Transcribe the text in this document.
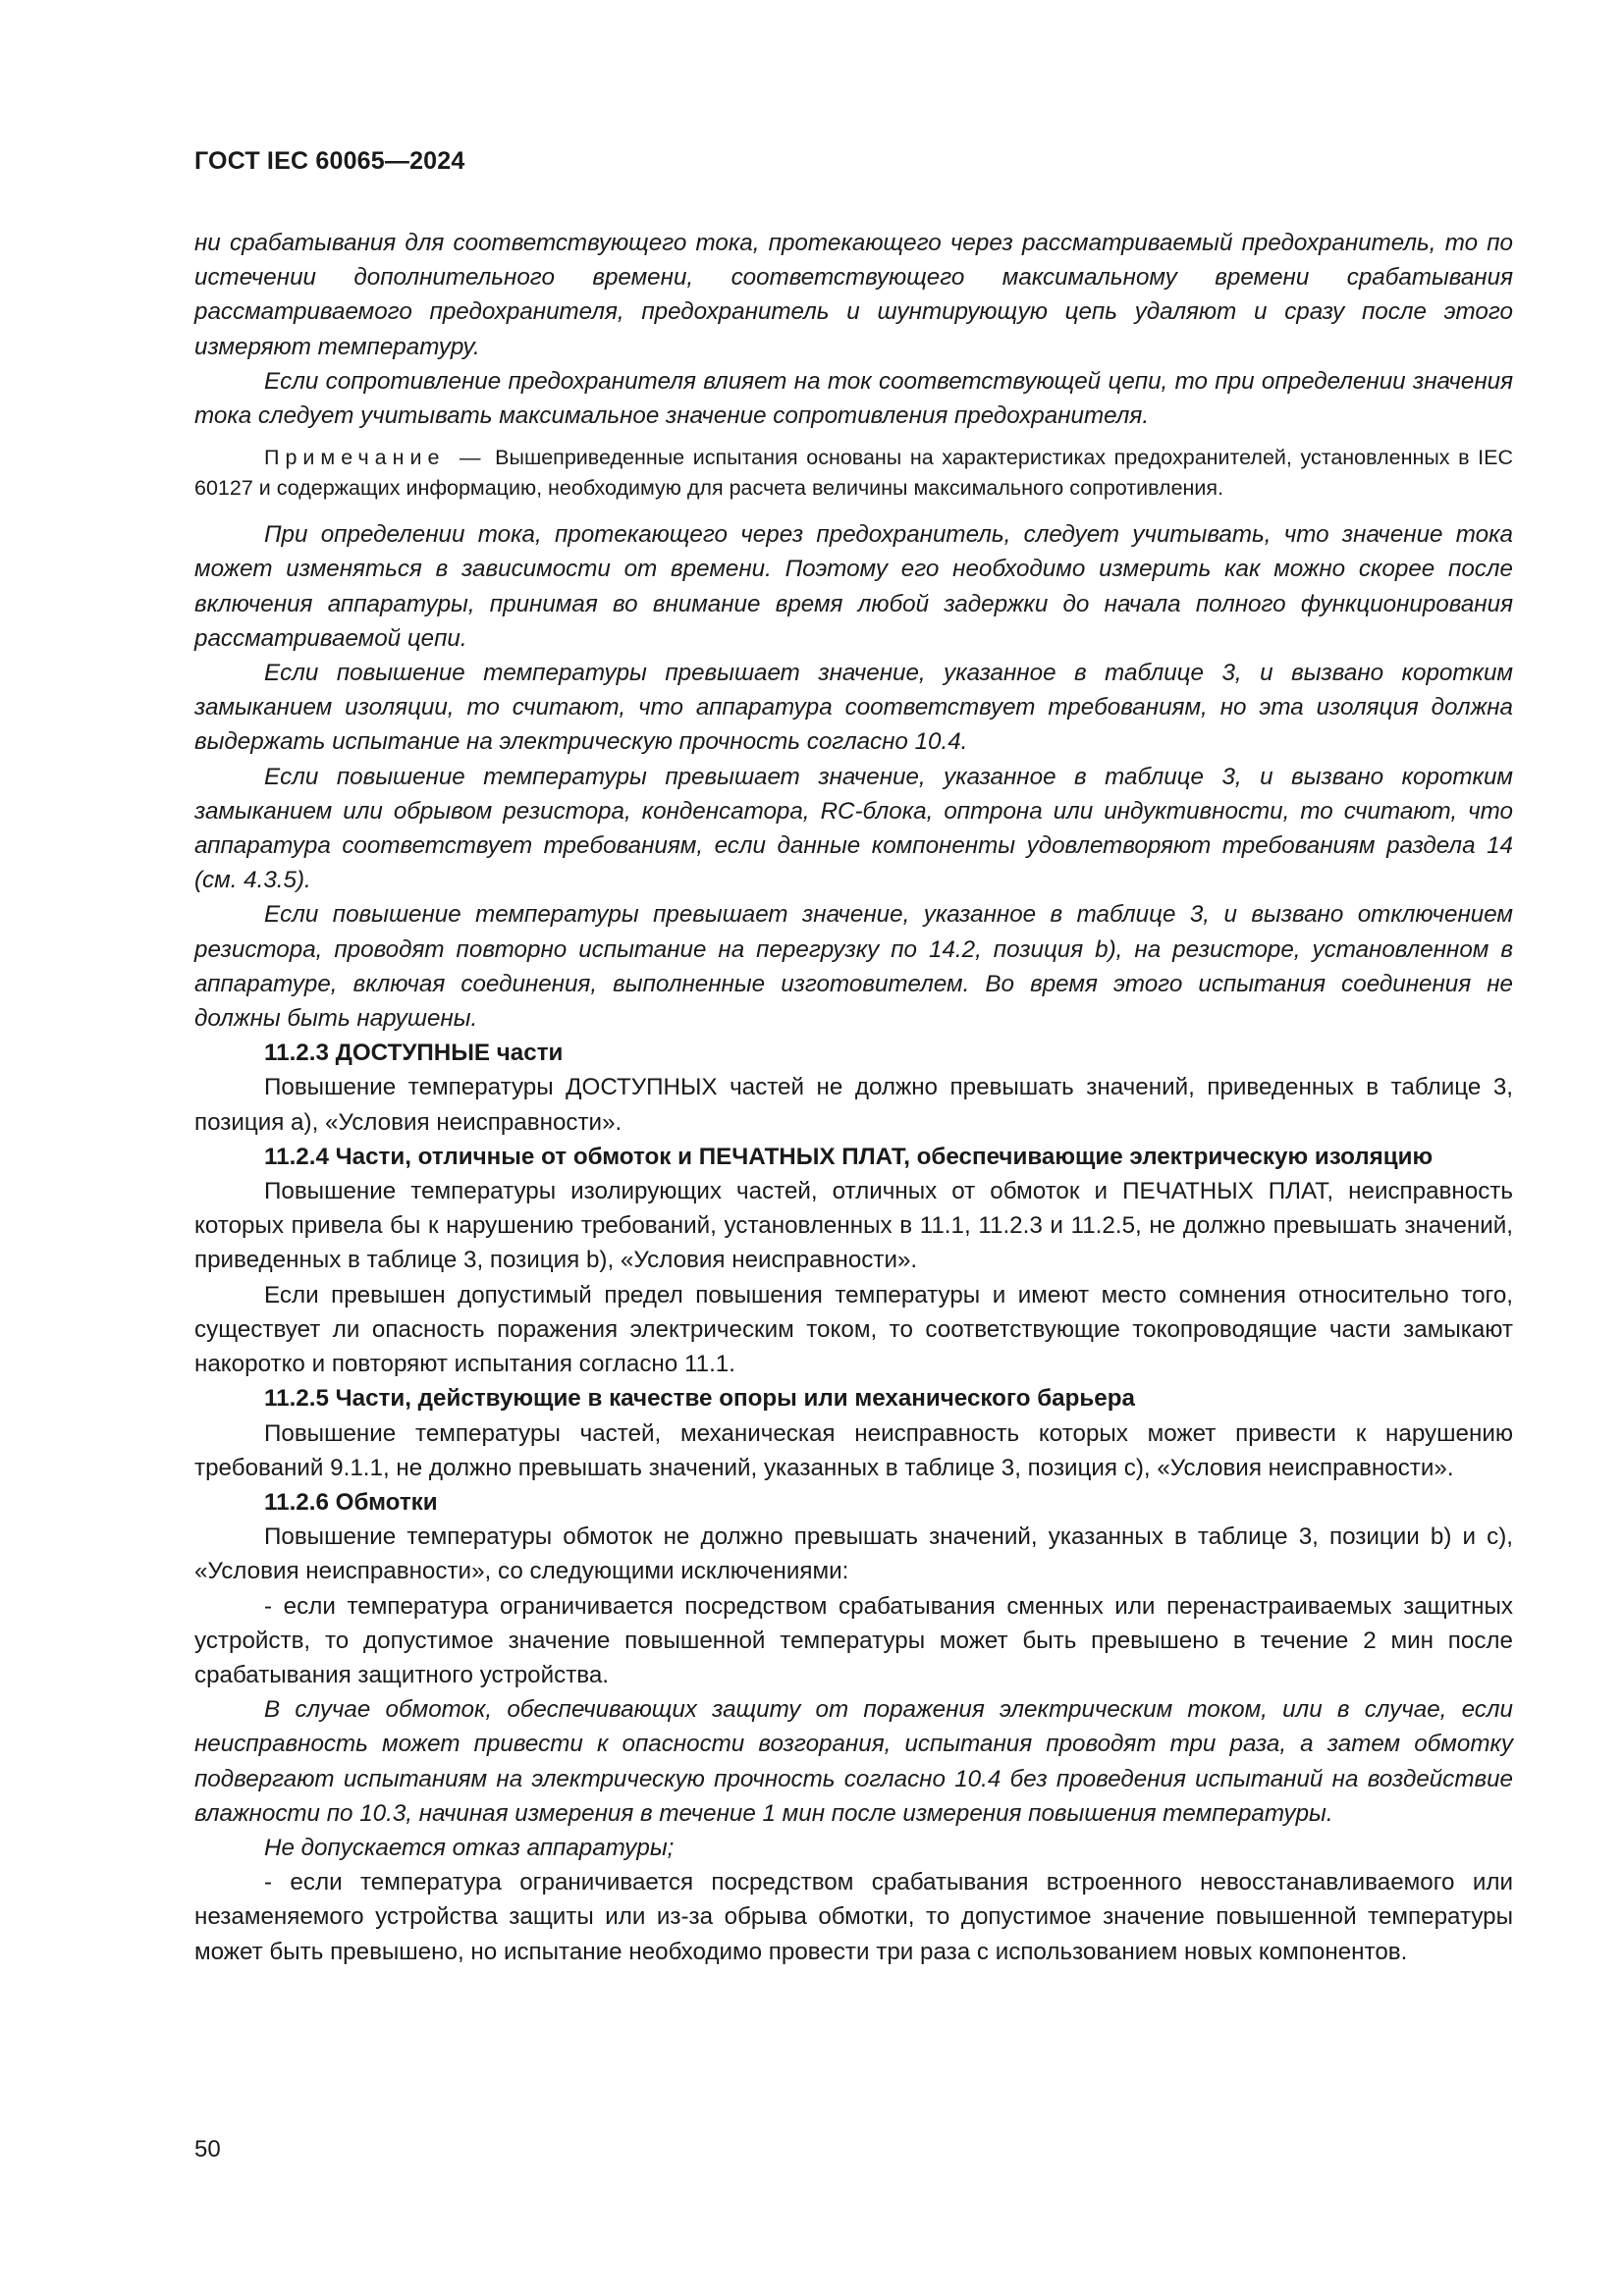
ГОСТ IEC 60065—2024

ни срабатывания для соответствующего тока, протекающего через рассматриваемый предохранитель, то по истечении дополнительного времени, соответствующего максимальному времени срабатывания рассматриваемого предохранителя, предохранитель и шунтирующую цепь удаляют и сразу после этого измеряют температуру.

Если сопротивление предохранителя влияет на ток соответствующей цепи, то при определении значения тока следует учитывать максимальное значение сопротивления предохранителя.

Примечание — Вышеприведенные испытания основаны на характеристиках предохранителей, установленных в IEC 60127 и содержащих информацию, необходимую для расчета величины максимального сопротивления.

При определении тока, протекающего через предохранитель, следует учитывать, что значение тока может изменяться в зависимости от времени. Поэтому его необходимо измерить как можно скорее после включения аппаратуры, принимая во внимание время любой задержки до начала полного функционирования рассматриваемой цепи.

Если повышение температуры превышает значение, указанное в таблице 3, и вызвано коротким замыканием изоляции, то считают, что аппаратура соответствует требованиям, но эта изоляция должна выдержать испытание на электрическую прочность согласно 10.4.

Если повышение температуры превышает значение, указанное в таблице 3, и вызвано коротким замыканием или обрывом резистора, конденсатора, RC-блока, оптрона или индуктивности, то считают, что аппаратура соответствует требованиям, если данные компоненты удовлетворяют требованиям раздела 14 (см. 4.3.5).

Если повышение температуры превышает значение, указанное в таблице 3, и вызвано отключением резистора, проводят повторно испытание на перегрузку по 14.2, позиция b), на резисторе, установленном в аппаратуре, включая соединения, выполненные изготовителем. Во время этого испытания соединения не должны быть нарушены.

11.2.3 ДОСТУПНЫЕ части

Повышение температуры ДОСТУПНЫХ частей не должно превышать значений, приведенных в таблице 3, позиция а), «Условия неисправности».

11.2.4 Части, отличные от обмоток и ПЕЧАТНЫХ ПЛАТ, обеспечивающие электрическую изоляцию

Повышение температуры изолирующих частей, отличных от обмоток и ПЕЧАТНЫХ ПЛАТ, неисправность которых привела бы к нарушению требований, установленных в 11.1, 11.2.3 и 11.2.5, не должно превышать значений, приведенных в таблице 3, позиция b), «Условия неисправности».

Если превышен допустимый предел повышения температуры и имеют место сомнения относительно того, существует ли опасность поражения электрическим током, то соответствующие токопроводящие части замыкают накоротко и повторяют испытания согласно 11.1.

11.2.5 Части, действующие в качестве опоры или механического барьера

Повышение температуры частей, механическая неисправность которых может привести к нарушению требований 9.1.1, не должно превышать значений, указанных в таблице 3, позиция с), «Условия неисправности».

11.2.6 Обмотки

Повышение температуры обмоток не должно превышать значений, указанных в таблице 3, позиции b) и с), «Условия неисправности», со следующими исключениями:

- если температура ограничивается посредством срабатывания сменных или перенастраиваемых защитных устройств, то допустимое значение повышенной температуры может быть превышено в течение 2 мин после срабатывания защитного устройства.

В случае обмоток, обеспечивающих защиту от поражения электрическим током, или в случае, если неисправность может привести к опасности возгорания, испытания проводят три раза, а затем обмотку подвергают испытаниям на электрическую прочность согласно 10.4 без проведения испытаний на воздействие влажности по 10.3, начиная измерения в течение 1 мин после измерения повышения температуры.

Не допускается отказ аппаратуры;

- если температура ограничивается посредством срабатывания встроенного невосстанавливаемого или незаменяемого устройства защиты или из-за обрыва обмотки, то допустимое значение повышенной температуры может быть превышено, но испытание необходимо провести три раза с использованием новых компонентов.

50
